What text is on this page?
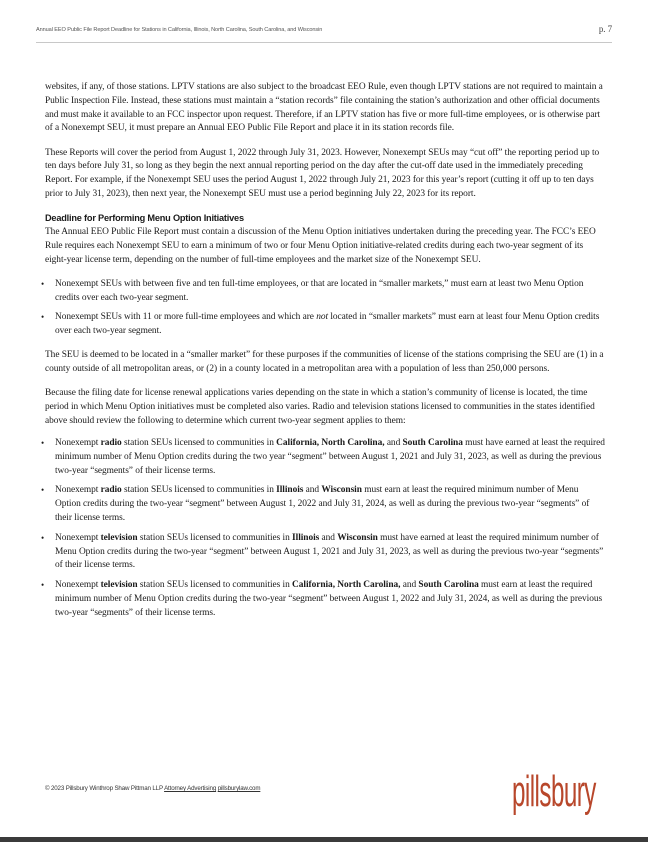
Annual EEO Public File Report Deadline for Stations in California, Illinois, North Carolina, South Carolina, and Wisconsin	p. 7

websites, if any, of those stations. LPTV stations are also subject to the broadcast EEO Rule, even though LPTV stations are not required to maintain a Public Inspection File. Instead, these stations must maintain a “station records” file containing the station’s authorization and other official documents and must make it available to an FCC inspector upon request. Therefore, if an LPTV station has five or more full-time employees, or is otherwise part of a Nonexempt SEU, it must prepare an Annual EEO Public File Report and place it in its station records file.

These Reports will cover the period from August 1, 2022 through July 31, 2023. However, Nonexempt SEUs may “cut off” the reporting period up to ten days before July 31, so long as they begin the next annual reporting period on the day after the cut-off date used in the immediately preceding Report. For example, if the Nonexempt SEU uses the period August 1, 2022 through July 21, 2023 for this year’s report (cutting it off up to ten days prior to July 31, 2023), then next year, the Nonexempt SEU must use a period beginning July 22, 2023 for its report.

Deadline for Performing Menu Option Initiatives

The Annual EEO Public File Report must contain a discussion of the Menu Option initiatives undertaken during the preceding year. The FCC’s EEO Rule requires each Nonexempt SEU to earn a minimum of two or four Menu Option initiative-related credits during each two-year segment of its eight-year license term, depending on the number of full-time employees and the market size of the Nonexempt SEU.

• Nonexempt SEUs with between five and ten full-time employees, or that are located in “smaller markets,” must earn at least two Menu Option credits over each two-year segment.
• Nonexempt SEUs with 11 or more full-time employees and which are not located in “smaller markets” must earn at least four Menu Option credits over each two-year segment.

The SEU is deemed to be located in a “smaller market” for these purposes if the communities of license of the stations comprising the SEU are (1) in a county outside of all metropolitan areas, or (2) in a county located in a metropolitan area with a population of less than 250,000 persons.

Because the filing date for license renewal applications varies depending on the state in which a station’s community of license is located, the time period in which Menu Option initiatives must be completed also varies. Radio and television stations licensed to communities in the states identified above should review the following to determine which current two-year segment applies to them:

• Nonexempt radio station SEUs licensed to communities in California, North Carolina, and South Carolina must have earned at least the required minimum number of Menu Option credits during the two year “segment” between August 1, 2021 and July 31, 2023, as well as during the previous two-year “segments” of their license terms.
• Nonexempt radio station SEUs licensed to communities in Illinois and Wisconsin must earn at least the required minimum number of Menu Option credits during the two-year “segment” between August 1, 2022 and July 31, 2024, as well as during the previous two-year “segments” of their license terms.
• Nonexempt television station SEUs licensed to communities in Illinois and Wisconsin must have earned at least the required minimum number of Menu Option credits during the two-year “segment” between August 1, 2021 and July 31, 2023, as well as during the previous two-year “segments” of their license terms.
• Nonexempt television station SEUs licensed to communities in California, North Carolina, and South Carolina must earn at least the required minimum number of Menu Option credits during the two-year “segment” between August 1, 2022 and July 31, 2024, as well as during the previous two-year “segments” of their license terms.
© 2023 Pillsbury Winthrop Shaw Pittman LLP Attorney Advertising pillsburylaw.com	pillsbury
